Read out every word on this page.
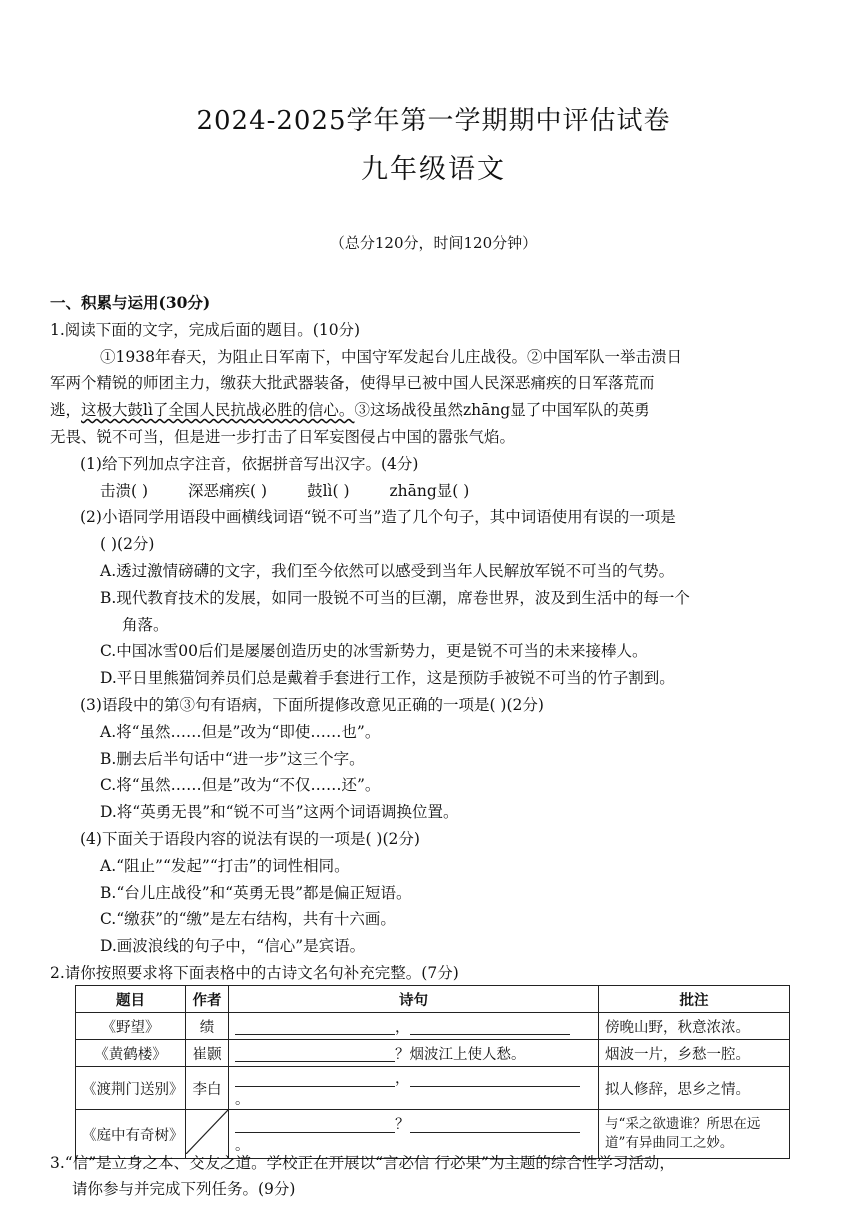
2024-2025学年第一学期期中评估试卷
九年级语文
（总分120分，时间120分钟）

一、积累与运用(30分)

1.阅读下面的文字，完成后面的题目。(10分)

①1938年春天，为阻止日军南下，中国守军发起台儿庄战役。②中国军队一举击溃日

军两个精锐的师团主力，缴获大批武器装备，使得早已被中国人民深恶痛疾的日军落荒而

逃，这极大鼓lì了全国人民抗战必胜的信心。③这场战役虽然zhāng显了中国军队的英勇

无畏、锐不可当，但是进一步打击了日军妄图侵占中国的嚣张气焰。

(1)给下列加点字注音，依据拼音写出汉字。(4分)

击溃( )	深恶痛疾( )	鼓lì( )	zhāng显( )

(2)小语同学用语段中画横线词语“锐不可当”造了几个句子，其中词语使用有误的一项是

( )(2分)

A.透过激情磅礴的文字，我们至今依然可以感受到当年人民解放军锐不可当的气势。

B.现代教育技术的发展，如同一股锐不可当的巨潮，席卷世界，波及到生活中的每一个

角落。

C.中国冰雪00后们是屡屡创造历史的冰雪新势力，更是锐不可当的未来接棒人。

D.平日里熊猫饲养员们总是戴着手套进行工作，这是预防手被锐不可当的竹子割到。

(3)语段中的第③句有语病，下面所提修改意见正确的一项是( )(2分)

A.将“虽然……但是”改为“即使……也”。

B.删去后半句话中“进一步”这三个字。

C.将“虽然……但是”改为“不仅……还”。

D.将“英勇无畏”和“锐不可当”这两个词语调换位置。

(4)下面关于语段内容的说法有误的一项是( )(2分)

A.“阻止”“发起”“打击”的词性相同。

B.“台儿庄战役”和“英勇无畏”都是偏正短语。

C.“缴获”的“缴”是左右结构，共有十六画。

D.画波浪线的句子中，“信心”是宾语。

2.请你按照要求将下面表格中的古诗文名句补充完整。(7分)

题目	作者	诗句	批注
《野望》	绩	，	傍晚山野，秋意浓浓。
《黄鹤楼》	崔颢	？烟波江上使人愁。	烟波一片，乡愁一腔。
《渡荆门送别》	李白	，。	拟人修辞，思乡之情。
《庭中有奇树》		？。	与“采之欲遗谁？所思在远道”有异曲同工之妙。

3.“信”是立身之本、交友之道。学校正在开展以“言必信 行必果”为主题的综合性学习活动，

请你参与并完成下列任务。(9分)
